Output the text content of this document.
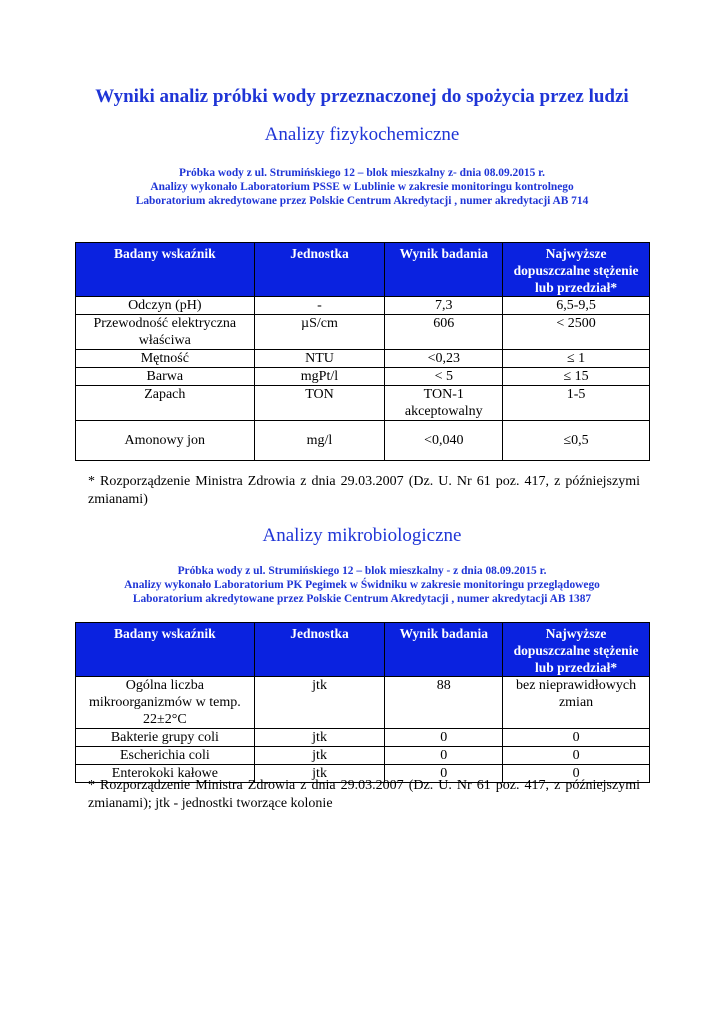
Wyniki analiz próbki wody przeznaczonej do spożycia przez ludzi
Analizy fizykochemiczne
Próbka wody z ul. Strumińskiego 12 – blok mieszkalny z- dnia 08.09.2015 r.
Analizy wykonało Laboratorium PSSE w Lublinie w zakresie monitoringu kontrolnego
Laboratorium akredytowane przez Polskie Centrum Akredytacji , numer akredytacji AB 714
Badany wskaźnik	Jednostka	Wynik badania	Najwyższe dopuszczalne stężenie lub przedział*
Odczyn (pH)	-	7,3	6,5-9,5
Przewodność elektryczna właściwa	µS/cm	606	< 2500
Mętność	NTU	<0,23	≤ 1
Barwa	mgPt/l	< 5	≤ 15
Zapach	TON	TON-1 akceptowalny	1-5
Amonowy jon	mg/l	<0,040	≤0,5
* Rozporządzenie Ministra Zdrowia z dnia 29.03.2007 (Dz. U. Nr 61 poz. 417, z późniejszymi zmianami)
Analizy mikrobiologiczne
Próbka wody z ul. Strumińskiego 12 – blok mieszkalny - z dnia 08.09.2015 r.
Analizy wykonało Laboratorium PK Pegimek w Świdniku w zakresie monitoringu przeglądowego
Laboratorium akredytowane przez Polskie Centrum Akredytacji , numer akredytacji AB 1387
Badany wskaźnik	Jednostka	Wynik badania	Najwyższe dopuszczalne stężenie lub przedział*
Ogólna liczba mikroorganizmów w temp. 22±2°C	jtk	88	bez nieprawidłowych zmian
Bakterie grupy coli	jtk	0	0
Escherichia coli	jtk	0	0
Enterokoki kałowe	jtk	0	0
* Rozporządzenie Ministra Zdrowia z dnia 29.03.2007 (Dz. U. Nr 61 poz. 417, z późniejszymi zmianami); jtk - jednostki tworzące kolonie
